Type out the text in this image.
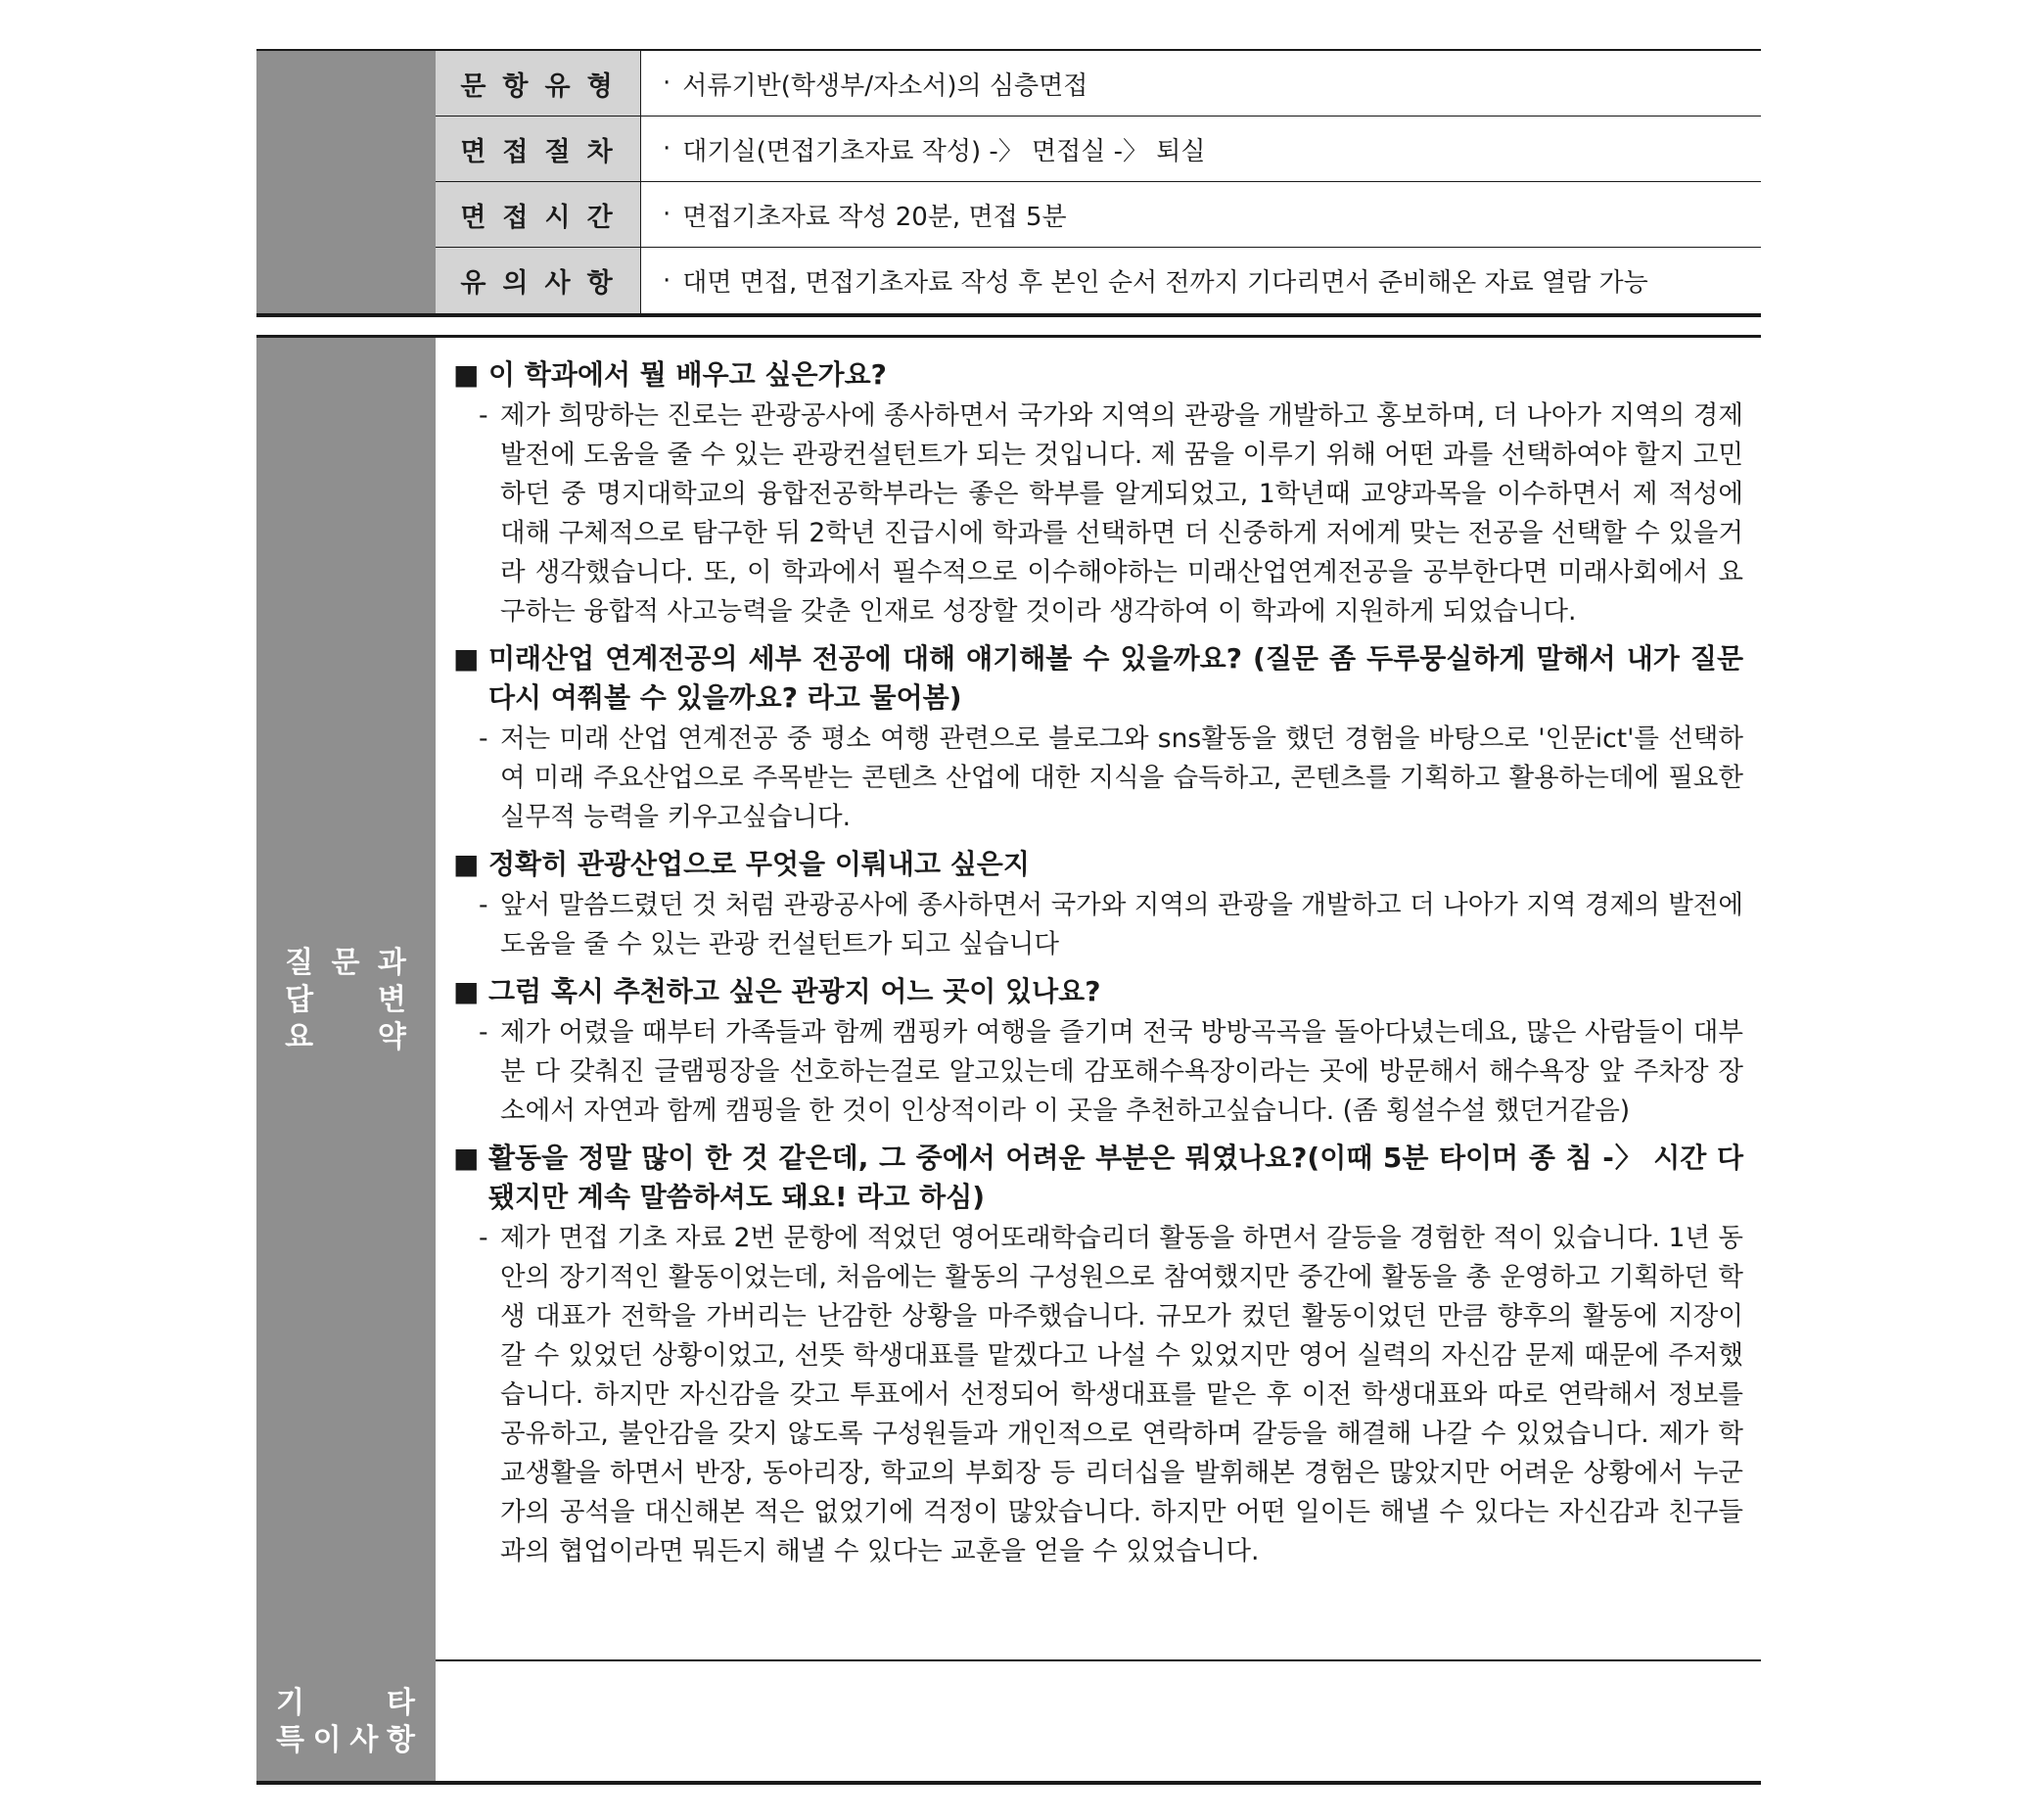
문항유형	· 서류기반(학생부/자소서)의 심층면접
면접절차	· 대기실(면접기초자료 작성) -〉 면접실 -〉 퇴실
면접시간	· 면접기초자료 작성 20분, 면접 5분
유의사항	· 대면 면접, 면접기초자료 작성 후 본인 순서 전까지 기다리면서 준비해온 자료 열람 가능
질 문 과
답	변
요	약
■ 이 학과에서 뭘 배우고 싶은가요?
- 제가 희망하는 진로는 관광공사에 종사하면서 국가와 지역의 관광을 개발하고 홍보하며, 더 나아가 지역의 경제 발전에 도움을 줄 수 있는 관광컨설턴트가 되는 것입니다. 제 꿈을 이루기 위해 어떤 과를 선택하여야 할지 고민하던 중 명지대학교의 융합전공학부라는 좋은 학부를 알게되었고, 1학년때 교양과목을 이수하면서 제 적성에 대해 구체적으로 탐구한 뒤 2학년 진급시에 학과를 선택하면 더 신중하게 저에게 맞는 전공을 선택할 수 있을거라 생각했습니다. 또, 이 학과에서 필수적으로 이수해야하는 미래산업연계전공을 공부한다면 미래사회에서 요구하는 융합적 사고능력을 갖춘 인재로 성장할 것이라 생각하여 이 학과에 지원하게 되었습니다.
■ 미래산업 연계전공의 세부 전공에 대해 얘기해볼 수 있을까요? (질문 좀 두루뭉실하게 말해서 내가 질문 다시 여쭤볼 수 있을까요? 라고 물어봄)
- 저는 미래 산업 연계전공 중 평소 여행 관련으로 블로그와 sns활동을 했던 경험을 바탕으로 '인문ict'를 선택하여 미래 주요산업으로 주목받는 콘텐츠 산업에 대한 지식을 습득하고, 콘텐츠를 기획하고 활용하는데에 필요한 실무적 능력을 키우고싶습니다.
■ 정확히 관광산업으로 무엇을 이뤄내고 싶은지
- 앞서 말씀드렸던 것 처럼 관광공사에 종사하면서 국가와 지역의 관광을 개발하고 더 나아가 지역 경제의 발전에 도움을 줄 수 있는 관광 컨설턴트가 되고 싶습니다
■ 그럼 혹시 추천하고 싶은 관광지 어느 곳이 있나요?
- 제가 어렸을 때부터 가족들과 함께 캠핑카 여행을 즐기며 전국 방방곡곡을 돌아다녔는데요, 많은 사람들이 대부분 다 갖춰진 글램핑장을 선호하는걸로 알고있는데 감포해수욕장이라는 곳에 방문해서 해수욕장 앞 주차장 장소에서 자연과 함께 캠핑을 한 것이 인상적이라 이 곳을 추천하고싶습니다. (좀 횡설수설 했던거같음)
■ 활동을 정말 많이 한 것 같은데, 그 중에서 어려운 부분은 뭐였나요?(이때 5분 타이머 종 침 -〉 시간 다됐지만 계속 말씀하셔도 돼요! 라고 하심)
- 제가 면접 기초 자료 2번 문항에 적었던 영어또래학습리더 활동을 하면서 갈등을 경험한 적이 있습니다. 1년 동안의 장기적인 활동이었는데, 처음에는 활동의 구성원으로 참여했지만 중간에 활동을 총 운영하고 기획하던 학생 대표가 전학을 가버리는 난감한 상황을 마주했습니다. 규모가 컸던 활동이었던 만큼 향후의 활동에 지장이 갈 수 있었던 상황이었고, 선뜻 학생대표를 맡겠다고 나설 수 있었지만 영어 실력의 자신감 문제 때문에 주저했습니다. 하지만 자신감을 갖고 투표에서 선정되어 학생대표를 맡은 후 이전 학생대표와 따로 연락해서 정보를 공유하고, 불안감을 갖지 않도록 구성원들과 개인적으로 연락하며 갈등을 해결해 나갈 수 있었습니다. 제가 학교생활을 하면서 반장, 동아리장, 학교의 부회장 등 리더십을 발휘해본 경험은 많았지만 어려운 상황에서 누군가의 공석을 대신해본 적은 없었기에 걱정이 많았습니다. 하지만 어떤 일이든 해낼 수 있다는 자신감과 친구들과의 협업이라면 뭐든지 해낼 수 있다는 교훈을 얻을 수 있었습니다.
기	타
특 이 사 항
